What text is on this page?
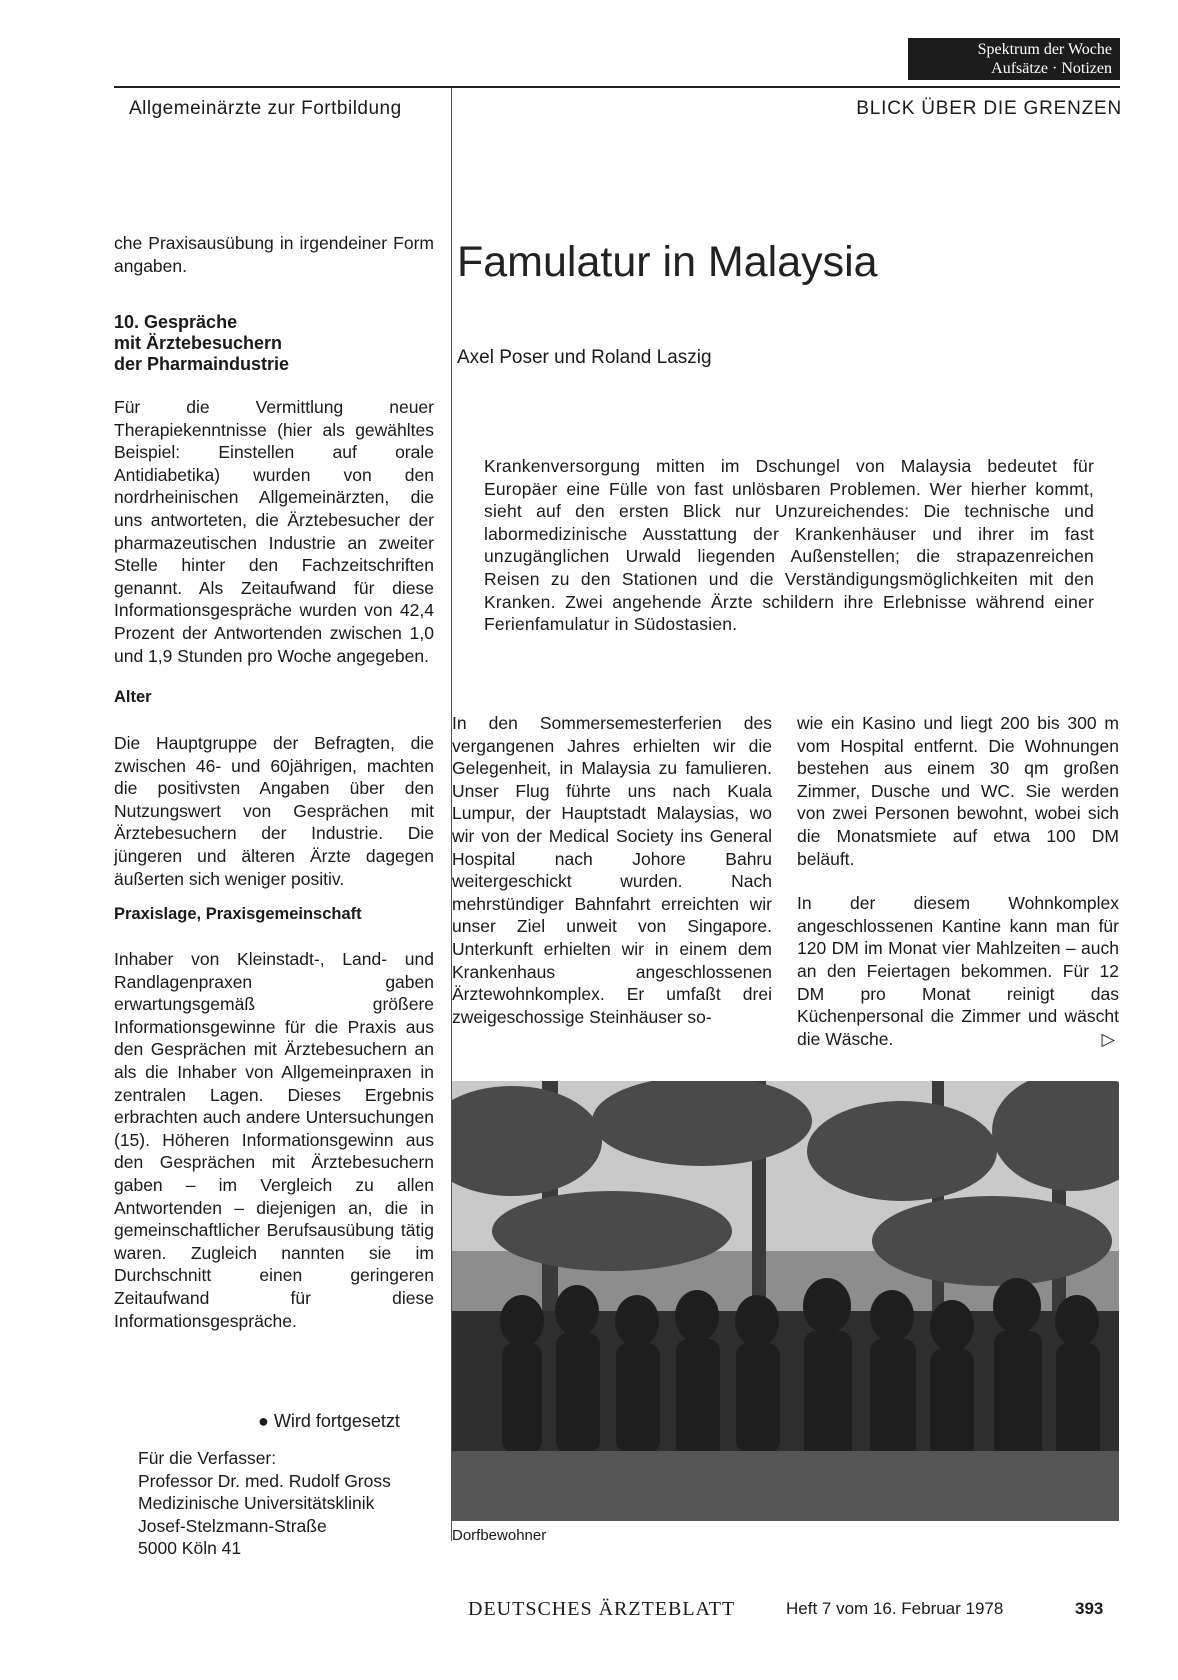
Spektrum der Woche
Aufsätze · Notizen
Allgemeinärzte zur Fortbildung	BLICK ÜBER DIE GRENZEN
che Praxisausübung in irgendeiner Form angaben.
10. Gespräche
mit Ärztebesuchern
der Pharmaindustrie
Für die Vermittlung neuer Therapiekenntnisse (hier als gewähltes Beispiel: Einstellen auf orale Antidiabetika) wurden von den nordrheinischen Allgemeinärzten, die uns antworteten, die Ärztebesucher der pharmazeutischen Industrie an zweiter Stelle hinter den Fachzeitschriften genannt. Als Zeitaufwand für diese Informationsgespräche wurden von 42,4 Prozent der Antwortenden zwischen 1,0 und 1,9 Stunden pro Woche angegeben.
Alter
Die Hauptgruppe der Befragten, die zwischen 46- und 60jährigen, machten die positivsten Angaben über den Nutzungswert von Gesprächen mit Ärztebesuchern der Industrie. Die jüngeren und älteren Ärzte dagegen äußerten sich weniger positiv.
Praxislage, Praxisgemeinschaft
Inhaber von Kleinstadt-, Land- und Randlagenpraxen gaben erwartungsgemäß größere Informationsgewinne für die Praxis aus den Gesprächen mit Ärztebesuchern an als die Inhaber von Allgemeinpraxen in zentralen Lagen. Dieses Ergebnis erbrachten auch andere Untersuchungen (15). Höheren Informationsgewinn aus den Gesprächen mit Ärztebesuchern gaben – im Vergleich zu allen Antwortenden – diejenigen an, die in gemeinschaftlicher Berufsausübung tätig waren. Zugleich nannten sie im Durchschnitt einen geringeren Zeitaufwand für diese Informationsgespräche.
● Wird fortgesetzt
Für die Verfasser:
Professor Dr. med. Rudolf Gross
Medizinische Universitätsklinik
Josef-Stelzmann-Straße
5000 Köln 41
Famulatur in Malaysia
Axel Poser und Roland Laszig
Krankenversorgung mitten im Dschungel von Malaysia bedeutet für Europäer eine Fülle von fast unlösbaren Problemen. Wer hierher kommt, sieht auf den ersten Blick nur Unzureichendes: Die technische und labormedizinische Ausstattung der Krankenhäuser und ihrer im fast unzugänglichen Urwald liegenden Außenstellen; die strapazenreichen Reisen zu den Stationen und die Verständigungsmöglichkeiten mit den Kranken. Zwei angehende Ärzte schildern ihre Erlebnisse während einer Ferienfamulatur in Südostasien.
In den Sommersemesterferien des vergangenen Jahres erhielten wir die Gelegenheit, in Malaysia zu famulieren. Unser Flug führte uns nach Kuala Lumpur, der Hauptstadt Malaysias, wo wir von der Medical Society ins General Hospital nach Johore Bahru weitergeschickt wurden. Nach mehrstündiger Bahnfahrt erreichten wir unser Ziel unweit von Singapore. Unterkunft erhielten wir in einem dem Krankenhaus angeschlossenen Ärztewohnkomplex. Er umfaßt drei zweigeschossige Steinhäuser so-

wie ein Kasino und liegt 200 bis 300 m vom Hospital entfernt. Die Wohnungen bestehen aus einem 30 qm großen Zimmer, Dusche und WC. Sie werden von zwei Personen bewohnt, wobei sich die Monatsmiete auf etwa 100 DM beläuft.

In der diesem Wohnkomplex angeschlossenen Kantine kann man für 120 DM im Monat vier Mahlzeiten – auch an den Feiertagen bekommen. Für 12 DM pro Monat reinigt das Küchenpersonal die Zimmer und wäscht die Wäsche.	▷

Dorfbewohner
DEUTSCHES ÄRZTEBLATT	Heft 7 vom 16. Februar 1978	393
